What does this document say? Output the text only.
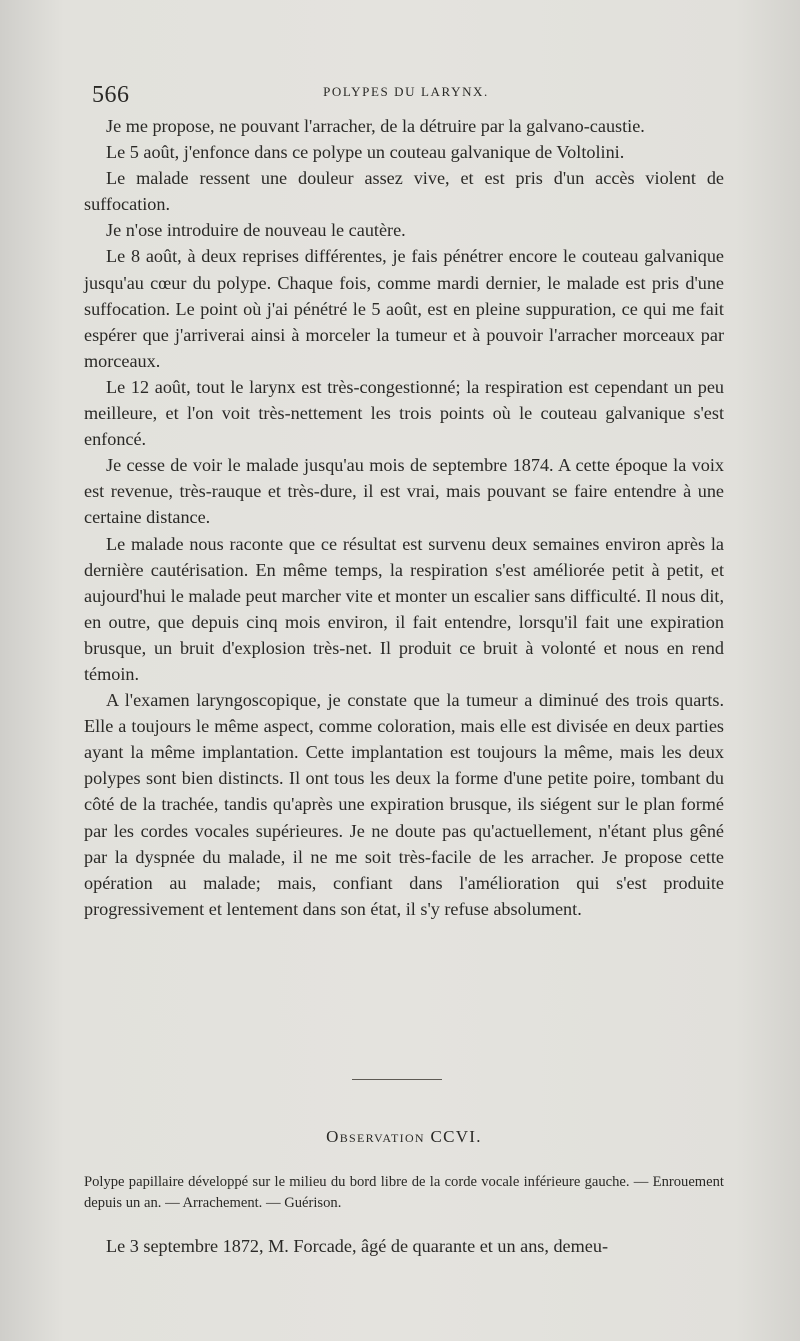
566	POLYPES DU LARYNX.

Je me propose, ne pouvant l'arracher, de la détruire par la galvano-caustie.

Le 5 août, j'enfonce dans ce polype un couteau galvanique de Voltolini.

Le malade ressent une douleur assez vive, et est pris d'un accès violent de suffocation.

Je n'ose introduire de nouveau le cautère.

Le 8 août, à deux reprises différentes, je fais pénétrer encore le couteau galvanique jusqu'au cœur du polype. Chaque fois, comme mardi dernier, le malade est pris d'une suffocation. Le point où j'ai pénétré le 5 août, est en pleine suppuration, ce qui me fait espérer que j'arriverai ainsi à morceler la tumeur et à pouvoir l'arracher morceaux par morceaux.

Le 12 août, tout le larynx est très-congestionné; la respiration est cependant un peu meilleure, et l'on voit très-nettement les trois points où le couteau galvanique s'est enfoncé.

Je cesse de voir le malade jusqu'au mois de septembre 1874. A cette époque la voix est revenue, très-rauque et très-dure, il est vrai, mais pouvant se faire entendre à une certaine distance.

Le malade nous raconte que ce résultat est survenu deux semaines environ après la dernière cautérisation. En même temps, la respiration s'est améliorée petit à petit, et aujourd'hui le malade peut marcher vite et monter un escalier sans difficulté. Il nous dit, en outre, que depuis cinq mois environ, il fait entendre, lorsqu'il fait une expiration brusque, un bruit d'explosion très-net. Il produit ce bruit à volonté et nous en rend témoin.

A l'examen laryngoscopique, je constate que la tumeur a diminué des trois quarts. Elle a toujours le même aspect, comme coloration, mais elle est divisée en deux parties ayant la même implantation. Cette implantation est toujours la même, mais les deux polypes sont bien distincts. Il ont tous les deux la forme d'une petite poire, tombant du côté de la trachée, tandis qu'après une expiration brusque, ils siégent sur le plan formé par les cordes vocales supérieures. Je ne doute pas qu'actuellement, n'étant plus gêné par la dyspnée du malade, il ne me soit très-facile de les arracher. Je propose cette opération au malade; mais, confiant dans l'amélioration qui s'est produite progressivement et lentement dans son état, il s'y refuse absolument.

Observation CCVI.
Polype papillaire développé sur le milieu du bord libre de la corde vocale inférieure gauche. — Enrouement depuis un an. — Arrachement. — Guérison.
Le 3 septembre 1872, M. Forcade, âgé de quarante et un ans, demeu-
